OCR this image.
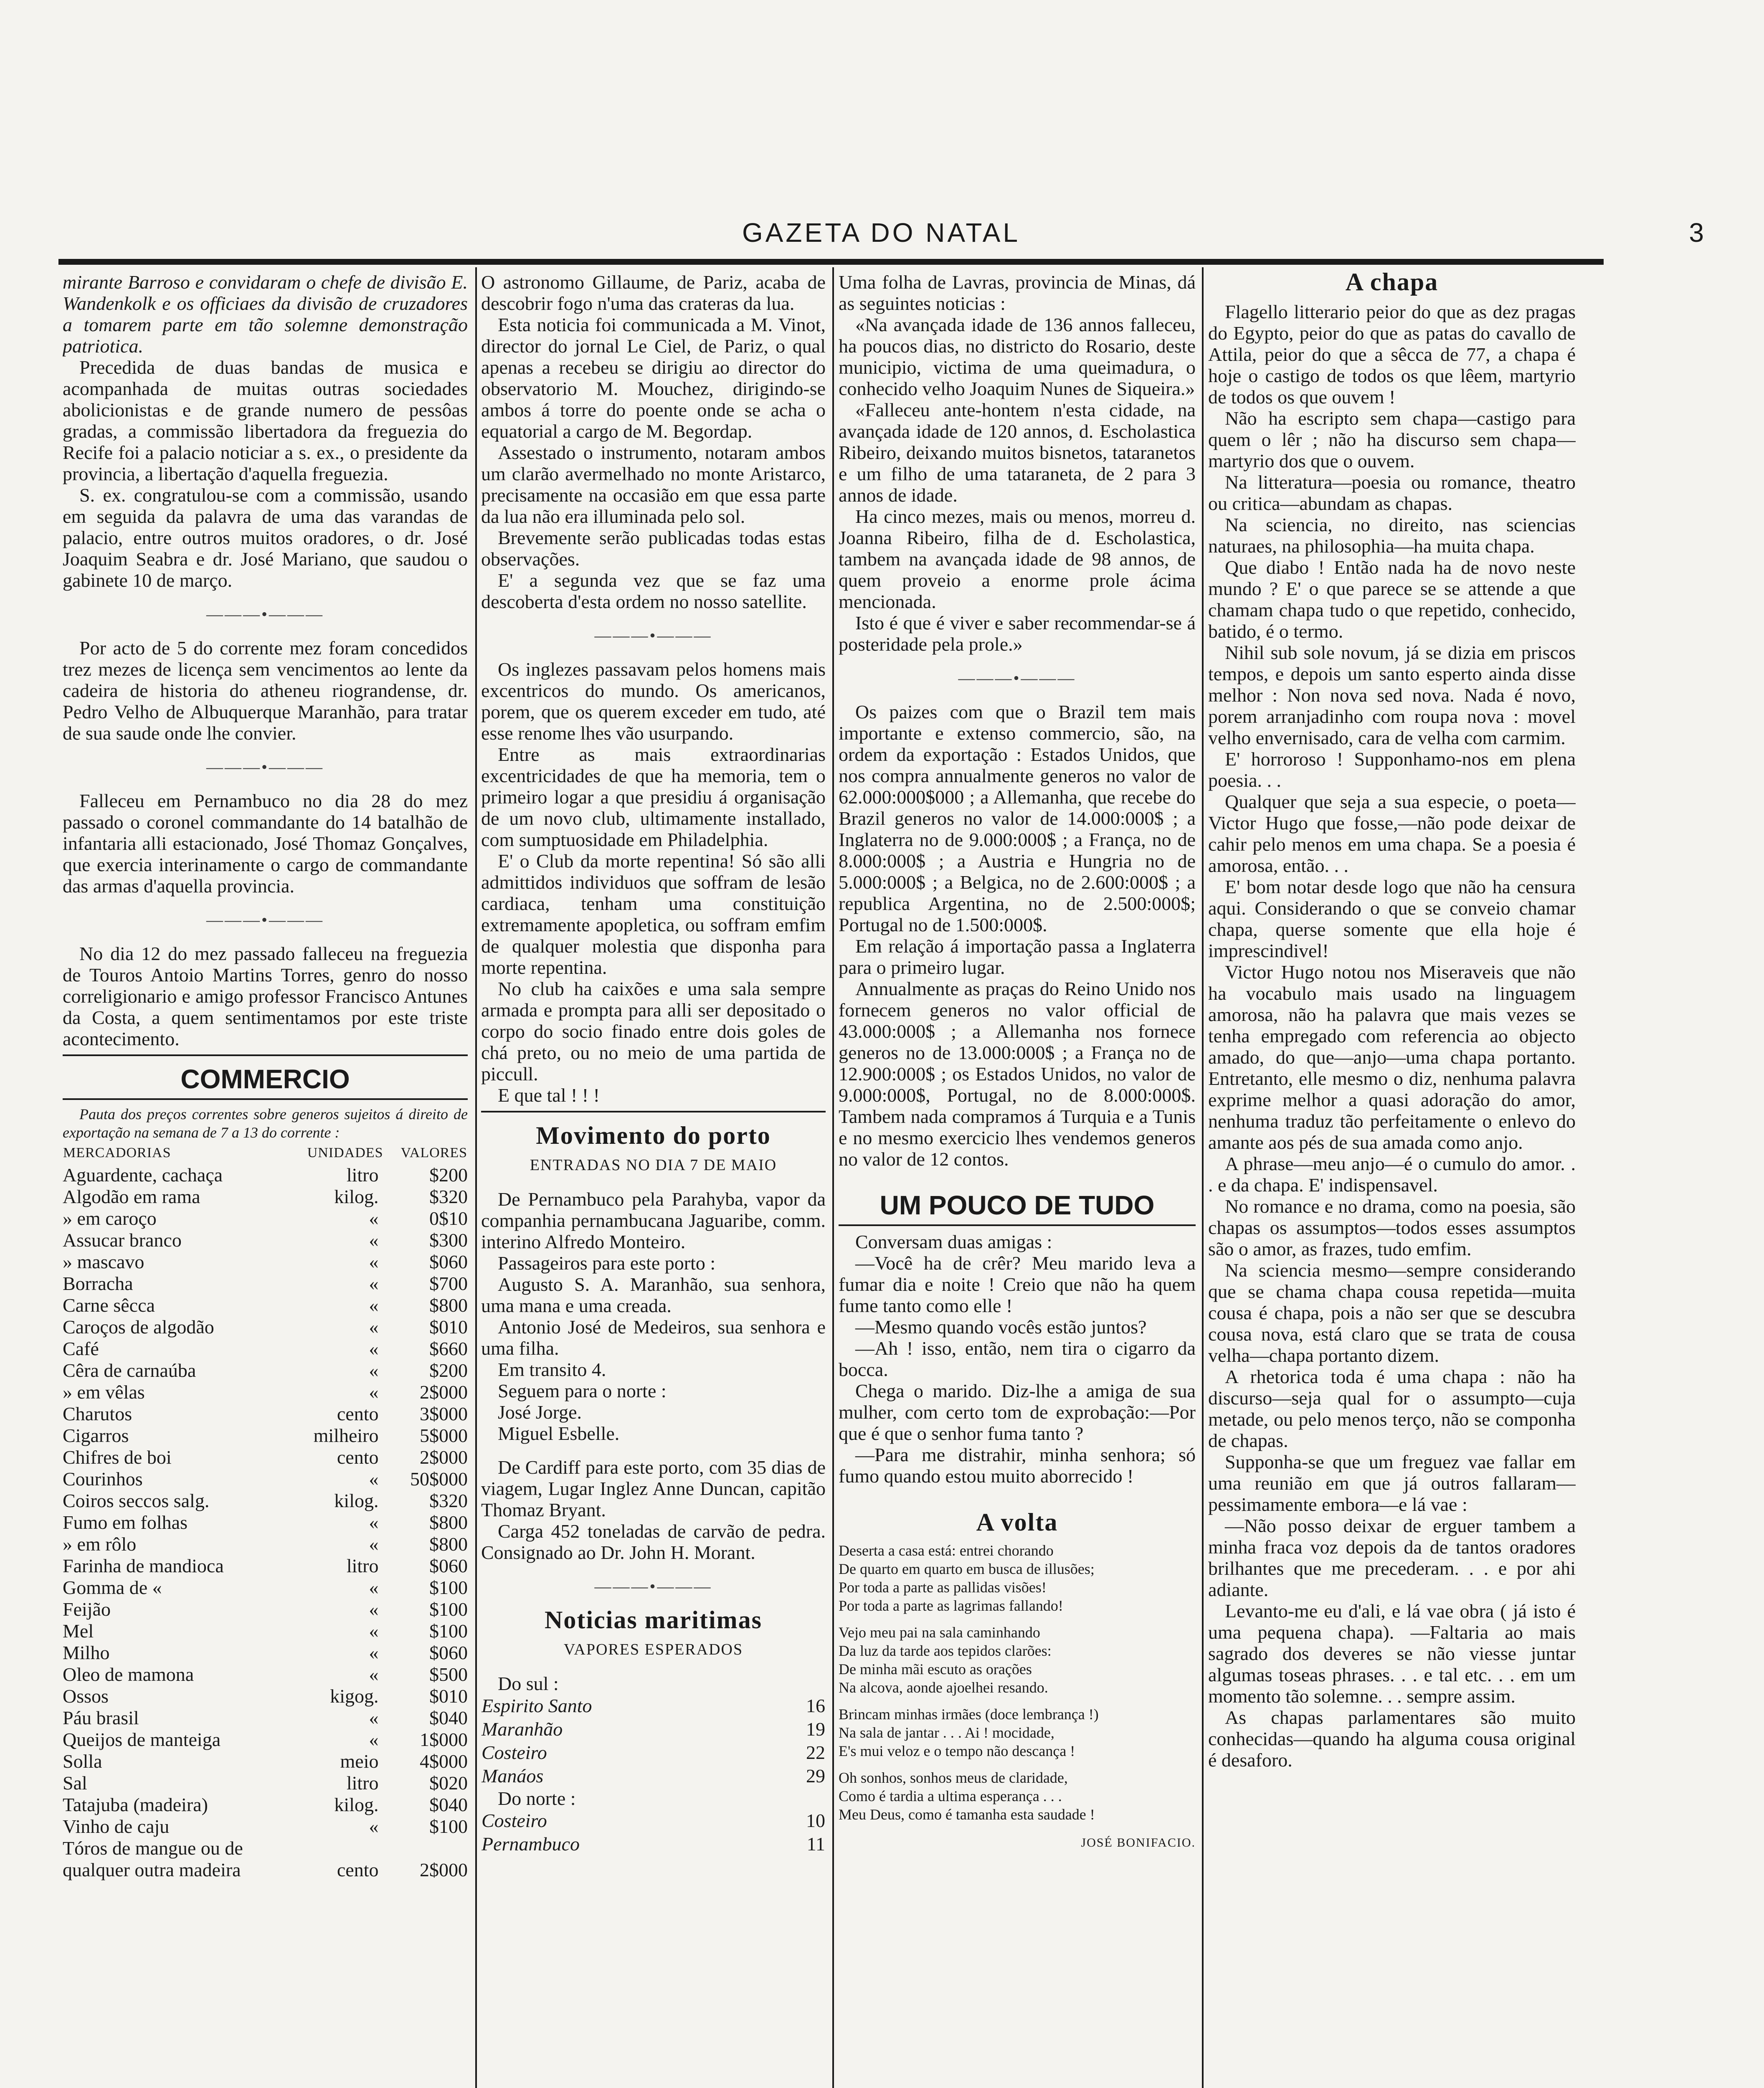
GAZETA DO NATAL	3

mirante Barroso e convidaram o chefe de divisão E. Wandenkolk e os officiaes da divisão de cruzadores a tomarem parte em tão solemne demonstração patriotica.

Precedida de duas bandas de musica e acompanhada de muitas outras sociedades abolicionistas e de grande numero de pessôas gradas, a commissão libertadora da freguezia do Recife foi a palacio noticiar a s. ex., o presidente da provincia, a libertação d'aquella freguezia.

S. ex. congratulou-se com a commissão, usando em seguida da palavra de uma das varandas de palacio, entre outros muitos oradores, o dr. José Joaquim Seabra e dr. José Mariano, que saudou o gabinete 10 de março.

———•———

Por acto de 5 do corrente mez foram concedidos trez mezes de licença sem vencimentos ao lente da cadeira de historia do atheneu riograndense, dr. Pedro Velho de Albuquerque Maranhão, para tratar de sua saude onde lhe convier.

———•———

Falleceu em Pernambuco no dia 28 do mez passado o coronel commandante do 14 batalhão de infantaria alli estacionado, José Thomaz Gonçalves, que exercia interinamente o cargo de commandante das armas d'aquella provincia.

———•———

No dia 12 do mez passado falleceu na freguezia de Touros Antoio Martins Torres, genro do nosso correligionario e amigo professor Francisco Antunes da Costa, a quem sentimentamos por este triste acontecimento.

COMMERCIO

Pauta dos preços correntes sobre generos sujeitos á direito de exportação na semana de 7 a 13 do corrente :

MERCADORIAS	UNIDADES	VALORES
Aguardente, cachaça	litro	$200
Algodão em rama	kilog.	$320
» em caroço	«	0$10
Assucar branco	«	$300
» mascavo	«	$060
Borracha	«	$700
Carne sêcca	«	$800
Caroços de algodão	«	$010
Café	«	$660
Cêra de carnaúba	«	$200
» em vêlas	«	2$000
Charutos	cento	3$000
Cigarros	milheiro	5$000
Chifres de boi	cento	2$000
Courinhos	«	50$000
Coiros seccos salg.	kilog.	$320
Fumo em folhas	«	$800
» em rôlo	«	$800
Farinha de mandioca	litro	$060
Gomma de «	«	$100
Feijão	«	$100
Mel	«	$100
Milho	«	$060
Oleo de mamona	«	$500
Ossos	kigog.	$010
Páu brasil	«	$040
Queijos de manteiga	«	1$000
Solla	meio	4$000
Sal	litro	$020
Tatajuba (madeira)	kilog.	$040
Vinho de caju	«	$100
Tóros de mangue ou de		
qualquer outra madeira	cento	2$000

O astronomo Gillaume, de Pariz, acaba de descobrir fogo n'uma das crateras da lua.

Esta noticia foi communicada a M. Vinot, director do jornal Le Ciel, de Pariz, o qual apenas a recebeu se dirigiu ao director do observatorio M. Mouchez, dirigindo-se ambos á torre do poente onde se acha o equatorial a cargo de M. Begordap.

Assestado o instrumento, notaram ambos um clarão avermelhado no monte Aristarco, precisamente na occasião em que essa parte da lua não era illuminada pelo sol.

Brevemente serão publicadas todas estas observações.

E' a segunda vez que se faz uma descoberta d'esta ordem no nosso satellite.

———•———

Os inglezes passavam pelos homens mais excentricos do mundo. Os americanos, porem, que os querem exceder em tudo, até esse renome lhes vão usurpando.

Entre as mais extraordinarias excentricidades de que ha memoria, tem o primeiro logar a que presidiu á organisação de um novo club, ultimamente installado, com sumptuosidade em Philadelphia.

E' o Club da morte repentina! Só são alli admittidos individuos que soffram de lesão cardiaca, tenham uma constituição extremamente apopletica, ou soffram emfim de qualquer molestia que disponha para morte repentina.

No club ha caixões e uma sala sempre armada e prompta para alli ser depositado o corpo do socio finado entre dois goles de chá preto, ou no meio de uma partida de piccull.

E que tal ! ! !

Movimento do porto
ENTRADAS NO DIA 7 DE MAIO

De Pernambuco pela Parahyba, vapor da companhia pernambucana Jaguaribe, comm. interino Alfredo Monteiro.

Passageiros para este porto :

Augusto S. A. Maranhão, sua senhora, uma mana e uma creada.

Antonio José de Medeiros, sua senhora e uma filha.

Em transito 4.

Seguem para o norte :

José Jorge.

Miguel Esbelle.

De Cardiff para este porto, com 35 dias de viagem, Lugar Inglez Anne Duncan, capitão Thomaz Bryant.

Carga 452 toneladas de carvão de pedra. Consignado ao Dr. John H. Morant.

———•———
Noticias maritimas
VAPORES ESPERADOS

Do sul :

Espirito Santo	16
Maranhão	19
Costeiro	22
Manáos	29

Do norte :

Costeiro	10
Pernambuco	11

Uma folha de Lavras, provincia de Minas, dá as seguintes noticias :

«Na avançada idade de 136 annos falleceu, ha poucos dias, no districto do Rosario, deste municipio, victima de uma queimadura, o conhecido velho Joaquim Nunes de Siqueira.»

«Falleceu ante-hontem n'esta cidade, na avançada idade de 120 annos, d. Escholastica Ribeiro, deixando muitos bisnetos, tataranetos e um filho de uma tataraneta, de 2 para 3 annos de idade.

Ha cinco mezes, mais ou menos, morreu d. Joanna Ribeiro, filha de d. Escholastica, tambem na avançada idade de 98 annos, de quem proveio a enorme prole ácima mencionada.

Isto é que é viver e saber recommendar-se á posteridade pela prole.»

———•———

Os paizes com que o Brazil tem mais importante e extenso commercio, são, na ordem da exportação : Estados Unidos, que nos compra annualmente generos no valor de 62.000:000$000 ; a Allemanha, que recebe do Brazil generos no valor de 14.000:000$ ; a Inglaterra no de 9.000:000$ ; a França, no de 8.000:000$ ; a Austria e Hungria no de 5.000:000$ ; a Belgica, no de 2.600:000$ ; a republica Argentina, no de 2.500:000$; Portugal no de 1.500:000$.

Em relação á importação passa a Inglaterra para o primeiro lugar.

Annualmente as praças do Reino Unido nos fornecem generos no valor official de 43.000:000$ ; a Allemanha nos fornece generos no de 13.000:000$ ; a França no de 12.900:000$ ; os Estados Unidos, no valor de 9.000:000$, Portugal, no de 8.000:000$. Tambem nada compramos á Turquia e a Tunis e no mesmo exercicio lhes vendemos generos no valor de 12 contos.

UM POUCO DE TUDO

Conversam duas amigas :

—Você ha de crêr? Meu marido leva a fumar dia e noite ! Creio que não ha quem fume tanto como elle !

—Mesmo quando vocês estão juntos?

—Ah ! isso, então, nem tira o cigarro da bocca.

Chega o marido. Diz-lhe a amiga de sua mulher, com certo tom de exprobação:—Por que é que o senhor fuma tanto ?

—Para me distrahir, minha senhora; só fumo quando estou muito aborrecido !

A volta
Deserta a casa está: entrei chorando
De quarto em quarto em busca de illusões;
Por toda a parte as pallidas visões!
Por toda a parte as lagrimas fallando!
Vejo meu pai na sala caminhando
Da luz da tarde aos tepidos clarões:
De minha mãi escuto as orações
Na alcova, aonde ajoelhei resando.
Brincam minhas irmães (doce lembrança !)
Na sala de jantar . . . Ai ! mocidade,
E's mui veloz e o tempo não descança !
Oh sonhos, sonhos meus de claridade,
Como é tardia a ultima esperança . . .
Meu Deus, como é tamanha esta saudade !
JOSÉ BONIFACIO.
A chapa

Flagello litterario peior do que as dez pragas do Egypto, peior do que as patas do cavallo de Attila, peior do que a sêcca de 77, a chapa é hoje o castigo de todos os que lêem, martyrio de todos os que ouvem !

Não ha escripto sem chapa—castigo para quem o lêr ; não ha discurso sem chapa—martyrio dos que o ouvem.

Na litteratura—poesia ou romance, theatro ou critica—abundam as chapas.

Na sciencia, no direito, nas sciencias naturaes, na philosophia—ha muita chapa.

Que diabo ! Então nada ha de novo neste mundo ? E' o que parece se se attende a que chamam chapa tudo o que repetido, conhecido, batido, é o termo.

Nihil sub sole novum, já se dizia em priscos tempos, e depois um santo esperto ainda disse melhor : Non nova sed nova. Nada é novo, porem arranjadinho com roupa nova : movel velho envernisado, cara de velha com carmim.

E' horroroso ! Supponhamo-nos em plena poesia. . .

Qualquer que seja a sua especie, o poeta—Victor Hugo que fosse,—não pode deixar de cahir pelo menos em uma chapa. Se a poesia é amorosa, então. . .

E' bom notar desde logo que não ha censura aqui. Considerando o que se conveio chamar chapa, querse somente que ella hoje é imprescindivel!

Victor Hugo notou nos Miseraveis que não ha vocabulo mais usado na linguagem amorosa, não ha palavra que mais vezes se tenha empregado com referencia ao objecto amado, do que—anjo—uma chapa portanto. Entretanto, elle mesmo o diz, nenhuma palavra exprime melhor a quasi adoração do amor, nenhuma traduz tão perfeitamente o enlevo do amante aos pés de sua amada como anjo.

A phrase—meu anjo—é o cumulo do amor. . . e da chapa. E' indispensavel.

No romance e no drama, como na poesia, são chapas os assumptos—todos esses assumptos são o amor, as frazes, tudo emfim.

Na sciencia mesmo—sempre considerando que se chama chapa cousa repetida—muita cousa é chapa, pois a não ser que se descubra cousa nova, está claro que se trata de cousa velha—chapa portanto dizem.

A rhetorica toda é uma chapa : não ha discurso—seja qual for o assumpto—cuja metade, ou pelo menos terço, não se componha de chapas.

Supponha-se que um freguez vae fallar em uma reunião em que já outros fallaram—pessimamente embora—e lá vae :

—Não posso deixar de erguer tambem a minha fraca voz depois da de tantos oradores brilhantes que me precederam. . . e por ahi adiante.

Levanto-me eu d'ali, e lá vae obra ( já isto é uma pequena chapa). —Faltaria ao mais sagrado dos deveres se não viesse juntar algumas toseas phrases. . . e tal etc. . . em um momento tão solemne. . . sempre assim.

As chapas parlamentares são muito conhecidas—quando ha alguma cousa original é desaforo.
